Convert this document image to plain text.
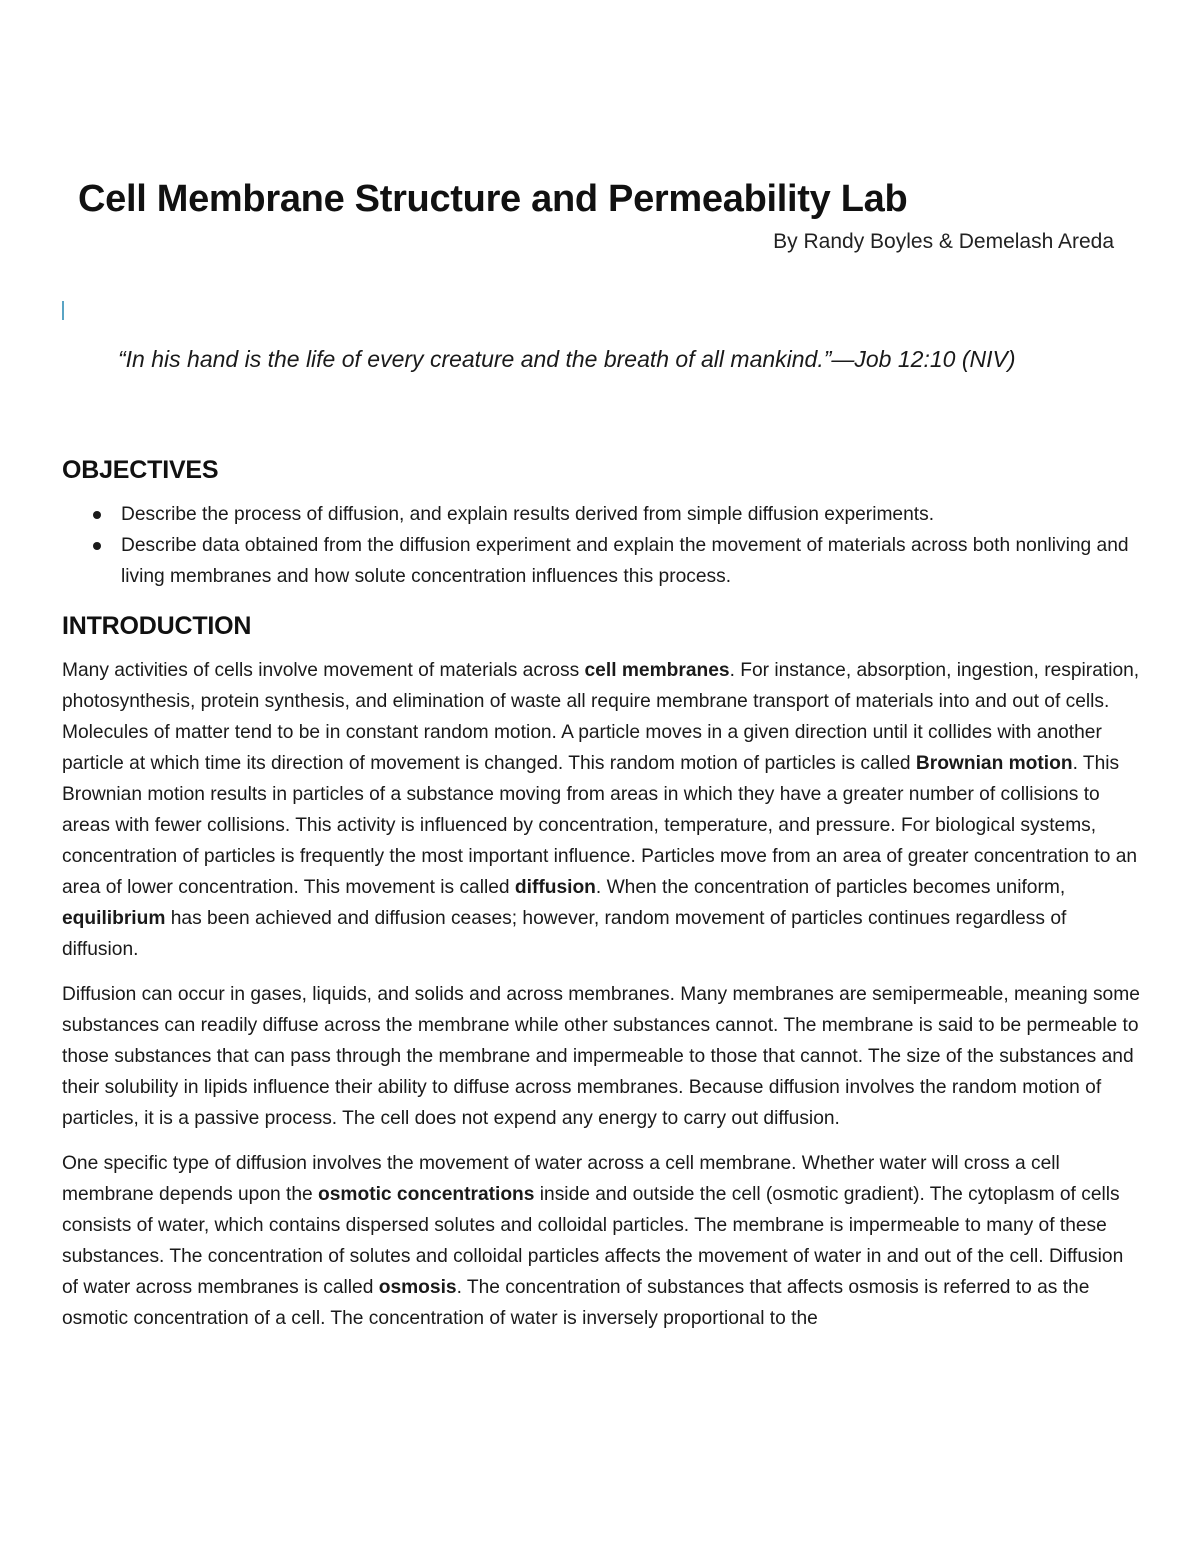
Cell Membrane Structure and Permeability Lab
By Randy Boyles & Demelash Areda

“In his hand is the life of every creature and the breath of all mankind.”—Job 12:10 (NIV)

OBJECTIVES
Describe the process of diffusion, and explain results derived from simple diffusion experiments.
Describe data obtained from the diffusion experiment and explain the movement of materials across both nonliving and living membranes and how solute concentration influences this process.
INTRODUCTION

Many activities of cells involve movement of materials across cell membranes. For instance, absorption, ingestion, respiration, photosynthesis, protein synthesis, and elimination of waste all require membrane transport of materials into and out of cells. Molecules of matter tend to be in constant random motion. A particle moves in a given direction until it collides with another particle at which time its direction of movement is changed. This random motion of particles is called Brownian motion. This Brownian motion results in particles of a substance moving from areas in which they have a greater number of collisions to areas with fewer collisions. This activity is influenced by concentration, temperature, and pressure. For biological systems, concentration of particles is frequently the most important influence. Particles move from an area of greater concentration to an area of lower concentration. This movement is called diffusion. When the concentration of particles becomes uniform, equilibrium has been achieved and diffusion ceases; however, random movement of particles continues regardless of diffusion.

Diffusion can occur in gases, liquids, and solids and across membranes. Many membranes are semipermeable, meaning some substances can readily diffuse across the membrane while other substances cannot. The membrane is said to be permeable to those substances that can pass through the membrane and impermeable to those that cannot. The size of the substances and their solubility in lipids influence their ability to diffuse across membranes. Because diffusion involves the random motion of particles, it is a passive process. The cell does not expend any energy to carry out diffusion.

One specific type of diffusion involves the movement of water across a cell membrane. Whether water will cross a cell membrane depends upon the osmotic concentrations inside and outside the cell (osmotic gradient). The cytoplasm of cells consists of water, which contains dispersed solutes and colloidal particles. The membrane is impermeable to many of these substances. The concentration of solutes and colloidal particles affects the movement of water in and out of the cell. Diffusion of water across membranes is called osmosis. The concentration of substances that affects osmosis is referred to as the osmotic concentration of a cell. The concentration of water is inversely proportional to the
